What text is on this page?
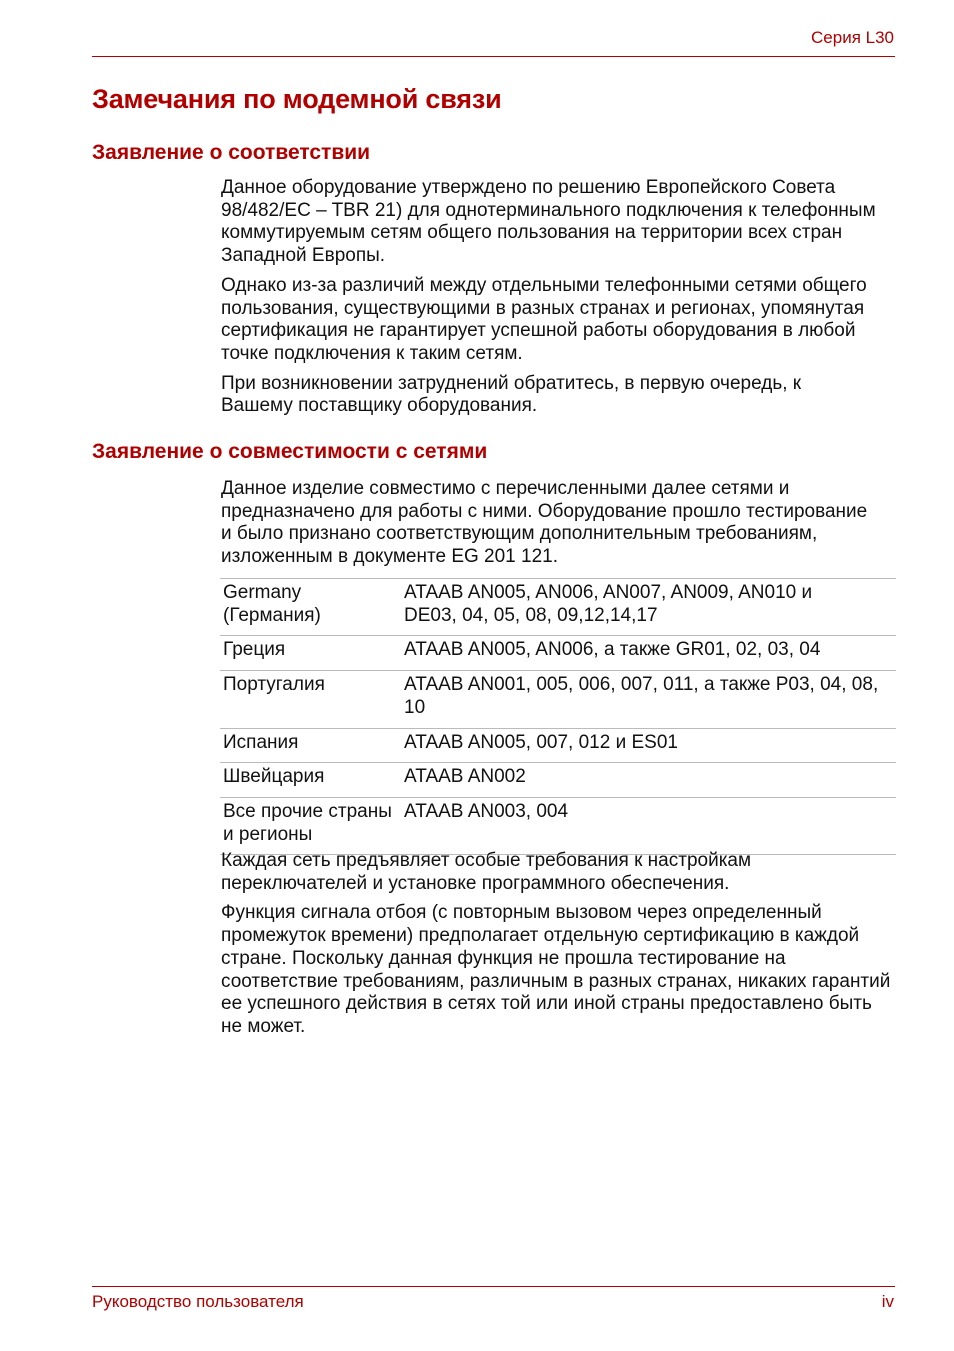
Серия L30
Замечания по модемной связи
Заявление о соответствии

Данное оборудование утверждено по решению Европейского Совета 98/482/EC – TBR 21) для однотерминального подключения к телефонным коммутируемым сетям общего пользования на территории всех стран Западной Европы.

Однако из-за различий между отдельными телефонными сетями общего пользования, существующими в разных странах и регионах, упомянутая сертификация не гарантирует успешной работы оборудования в любой точке подключения к таким сетям.

При возникновении затруднений обратитесь, в первую очередь, к Вашему поставщику оборудования.

Заявление о совместимости с сетями

Данное изделие совместимо с перечисленными далее сетями и предназначено для работы с ними. Оборудование прошло тестирование и было признано соответствующим дополнительным требованиям, изложенным в документе EG 201 121.

Germany (Германия)	ATAAB AN005, AN006, AN007, AN009, AN010 и DE03, 04, 05, 08, 09,12,14,17
Греция	ATAAB AN005, AN006, а также GR01, 02, 03, 04
Португалия	ATAAB AN001, 005, 006, 007, 011, а также P03, 04, 08, 10
Испания	ATAAB AN005, 007, 012 и ES01
Швейцария	ATAAB AN002
Все прочие страны и регионы	ATAAB AN003, 004

Каждая сеть предъявляет особые требования к настройкам переключателей и установке программного обеспечения.

Функция сигнала отбоя (с повторным вызовом через определенный промежуток времени) предполагает отдельную сертификацию в каждой стране. Поскольку данная функция не прошла тестирование на соответствие требованиям, различным в разных странах, никаких гарантий ее успешного действия в сетях той или иной страны предоставлено быть не может.

Руководство пользователя	iv
